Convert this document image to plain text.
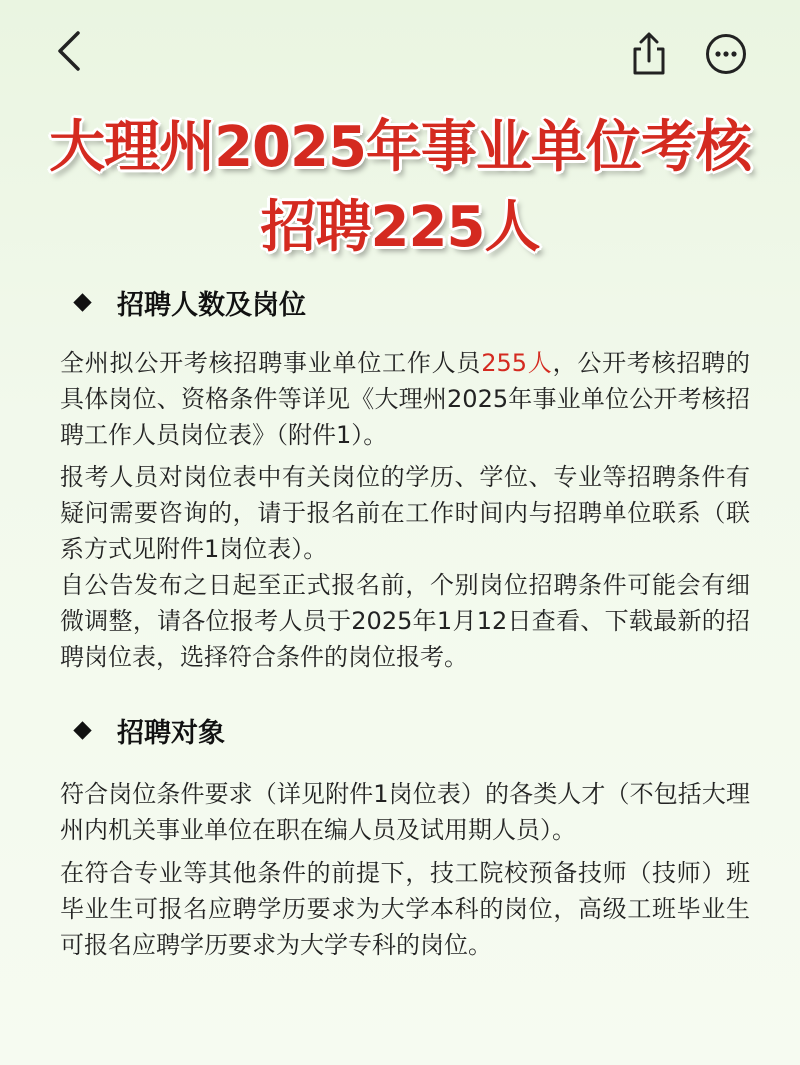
大理州2025年事业单位考核
招聘225人
招聘人数及岗位

全州拟公开考核招聘事业单位工作人员255人，公开考核招聘的具体岗位、资格条件等详见《大理州2025年事业单位公开考核招聘工作人员岗位表》（附件1）。

报考人员对岗位表中有关岗位的学历、学位、专业等招聘条件有疑问需要咨询的，请于报名前在工作时间内与招聘单位联系（联系方式见附件1岗位表）。

自公告发布之日起至正式报名前，个别岗位招聘条件可能会有细微调整，请各位报考人员于2025年1月12日查看、下载最新的招聘岗位表，选择符合条件的岗位报考。

招聘对象

符合岗位条件要求（详见附件1岗位表）的各类人才（不包括大理州内机关事业单位在职在编人员及试用期人员）。

在符合专业等其他条件的前提下，技工院校预备技师（技师）班毕业生可报名应聘学历要求为大学本科的岗位，高级工班毕业生可报名应聘学历要求为大学专科的岗位。
